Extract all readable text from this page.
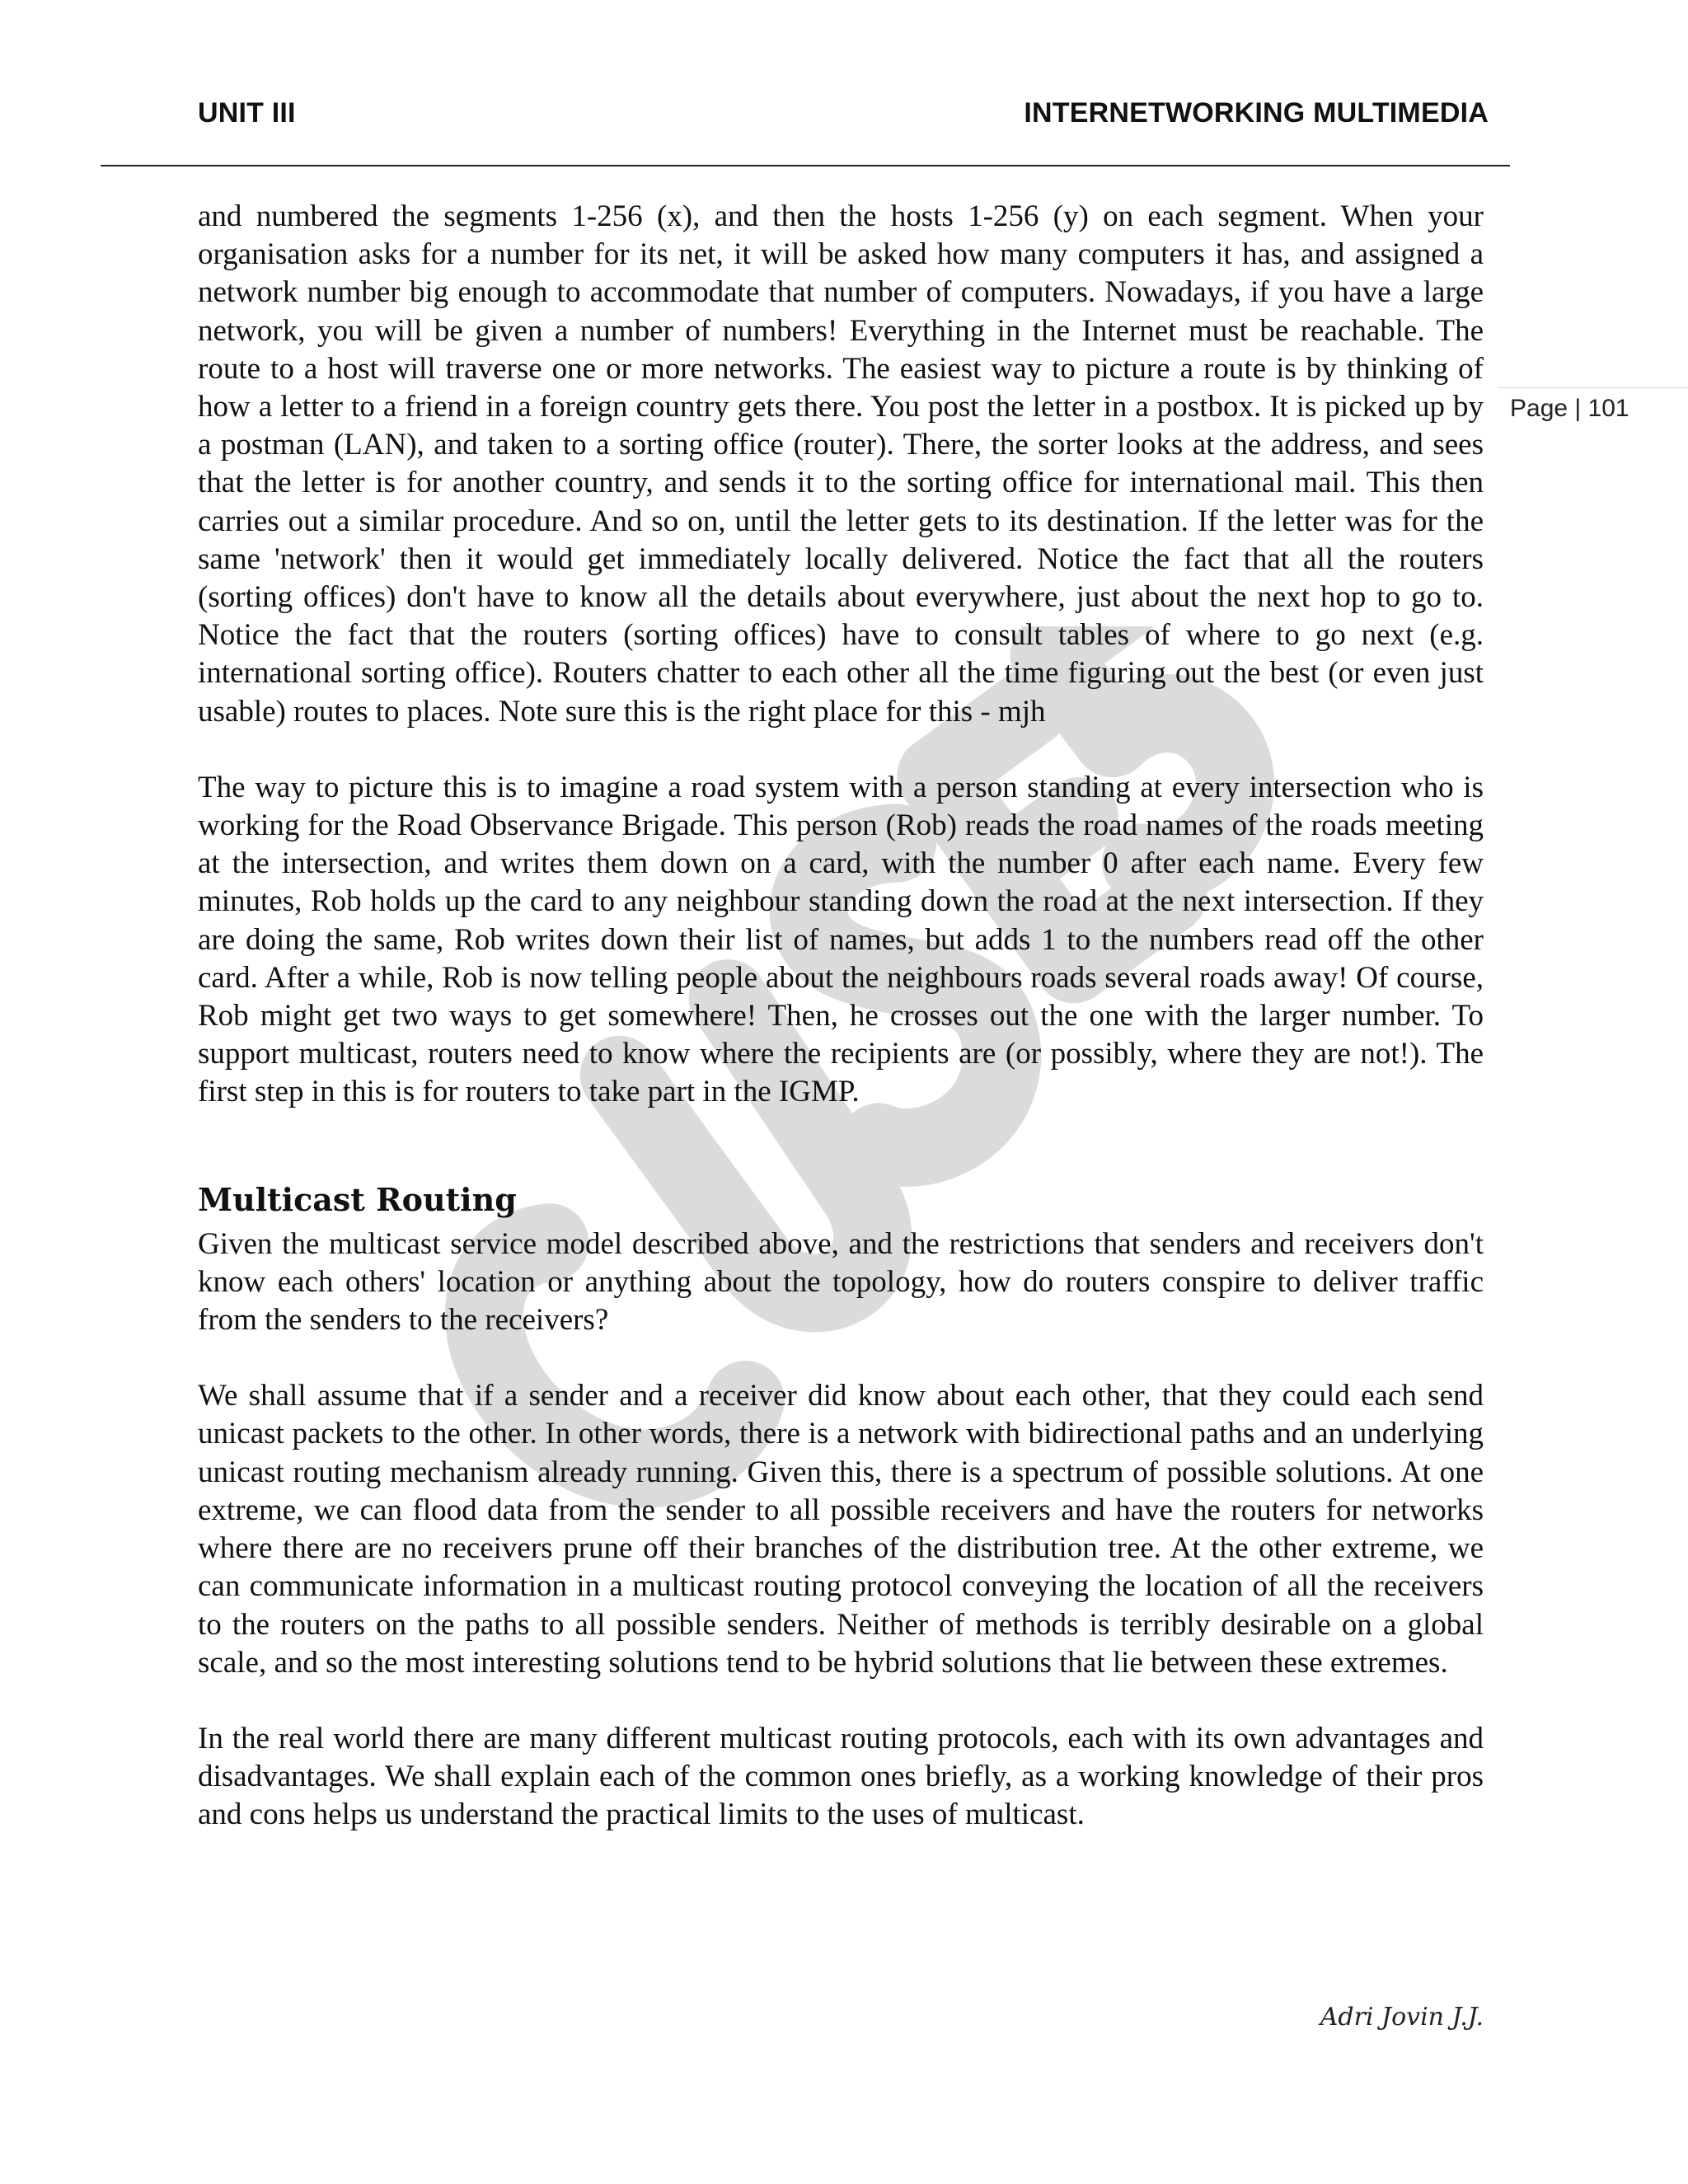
UNIT III	INTERNETWORKING MULTIMEDIA
Page | 101

and numbered the segments 1-256 (x), and then the hosts 1-256 (y) on each segment. When your organisation asks for a number for its net, it will be asked how many computers it has, and assigned a network number big enough to accommodate that number of computers. Nowadays, if you have a large network, you will be given a number of numbers! Everything in the Internet must be reachable. The route to a host will traverse one or more networks. The easiest way to picture a route is by thinking of how a letter to a friend in a foreign country gets there. You post the letter in a postbox. It is picked up by a postman (LAN), and taken to a sorting office (router). There, the sorter looks at the address, and sees that the letter is for another country, and sends it to the sorting office for international mail. This then carries out a similar procedure. And so on, until the letter gets to its destination. If the letter was for the same 'network' then it would get immediately locally delivered. Notice the fact that all the routers (sorting offices) don't have to know all the details about everywhere, just about the next hop to go to. Notice the fact that the routers (sorting offices) have to consult tables of where to go next (e.g. international sorting office). Routers chatter to each other all the time figuring out the best (or even just usable) routes to places. Note sure this is the right place for this - mjh

The way to picture this is to imagine a road system with a person standing at every intersection who is working for the Road Observance Brigade. This person (Rob) reads the road names of the roads meeting at the intersection, and writes them down on a card, with the number 0 after each name. Every few minutes, Rob holds up the card to any neighbour standing down the road at the next intersection. If they are doing the same, Rob writes down their list of names, but adds 1 to the numbers read off the other card. After a while, Rob is now telling people about the neighbours roads several roads away! Of course, Rob might get two ways to get somewhere! Then, he crosses out the one with the larger number. To support multicast, routers need to know where the recipients are (or possibly, where they are not!). The first step in this is for routers to take part in the IGMP.

Multicast Routing

Given the multicast service model described above, and the restrictions that senders and receivers don't know each others' location or anything about the topology, how do routers conspire to deliver traffic from the senders to the receivers?

We shall assume that if a sender and a receiver did know about each other, that they could each send unicast packets to the other. In other words, there is a network with bidirectional paths and an underlying unicast routing mechanism already running. Given this, there is a spectrum of possible solutions. At one extreme, we can flood data from the sender to all possible receivers and have the routers for networks where there are no receivers prune off their branches of the distribution tree. At the other extreme, we can communicate information in a multicast routing protocol conveying the location of all the receivers to the routers on the paths to all possible senders. Neither of methods is terribly desirable on a global scale, and so the most interesting solutions tend to be hybrid solutions that lie between these extremes.

In the real world there are many different multicast routing protocols, each with its own advantages and disadvantages. We shall explain each of the common ones briefly, as a working knowledge of their pros and cons helps us understand the practical limits to the uses of multicast.

Adri Jovin J.J.
